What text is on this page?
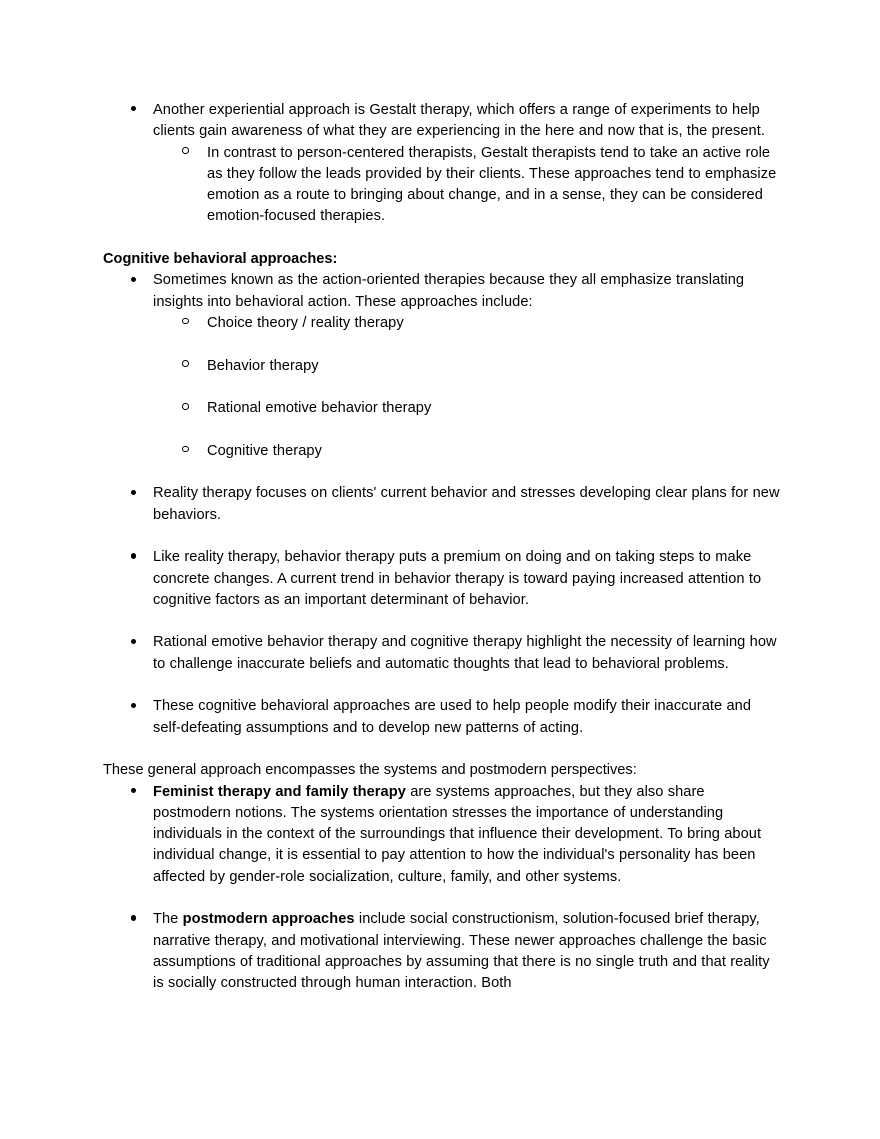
Another experiential approach is Gestalt therapy, which offers a range of experiments to help clients gain awareness of what they are experiencing in the here and now that is, the present.
In contrast to person-centered therapists, Gestalt therapists tend to take an active role as they follow the leads provided by their clients. These approaches tend to emphasize emotion as a route to bringing about change, and in a sense, they can be considered emotion-focused therapies.
Cognitive behavioral approaches:
Sometimes known as the action-oriented therapies because they all emphasize translating insights into behavioral action. These approaches include:
Choice theory / reality therapy
Behavior therapy
Rational emotive behavior therapy
Cognitive therapy
Reality therapy focuses on clients' current behavior and stresses developing clear plans for new behaviors.
Like reality therapy, behavior therapy puts a premium on doing and on taking steps to make concrete changes. A current trend in behavior therapy is toward paying increased attention to cognitive factors as an important determinant of behavior.
Rational emotive behavior therapy and cognitive therapy highlight the necessity of learning how to challenge inaccurate beliefs and automatic thoughts that lead to behavioral problems.
These cognitive behavioral approaches are used to help people modify their inaccurate and self-defeating assumptions and to develop new patterns of acting.
These general approach encompasses the systems and postmodern perspectives:
Feminist therapy and family therapy are systems approaches, but they also share postmodern notions. The systems orientation stresses the importance of understanding individuals in the context of the surroundings that influence their development. To bring about individual change, it is essential to pay attention to how the individual's personality has been affected by gender-role socialization, culture, family, and other systems.
The postmodern approaches include social constructionism, solution-focused brief therapy, narrative therapy, and motivational interviewing. These newer approaches challenge the basic assumptions of traditional approaches by assuming that there is no single truth and that reality is socially constructed through human interaction. Both
